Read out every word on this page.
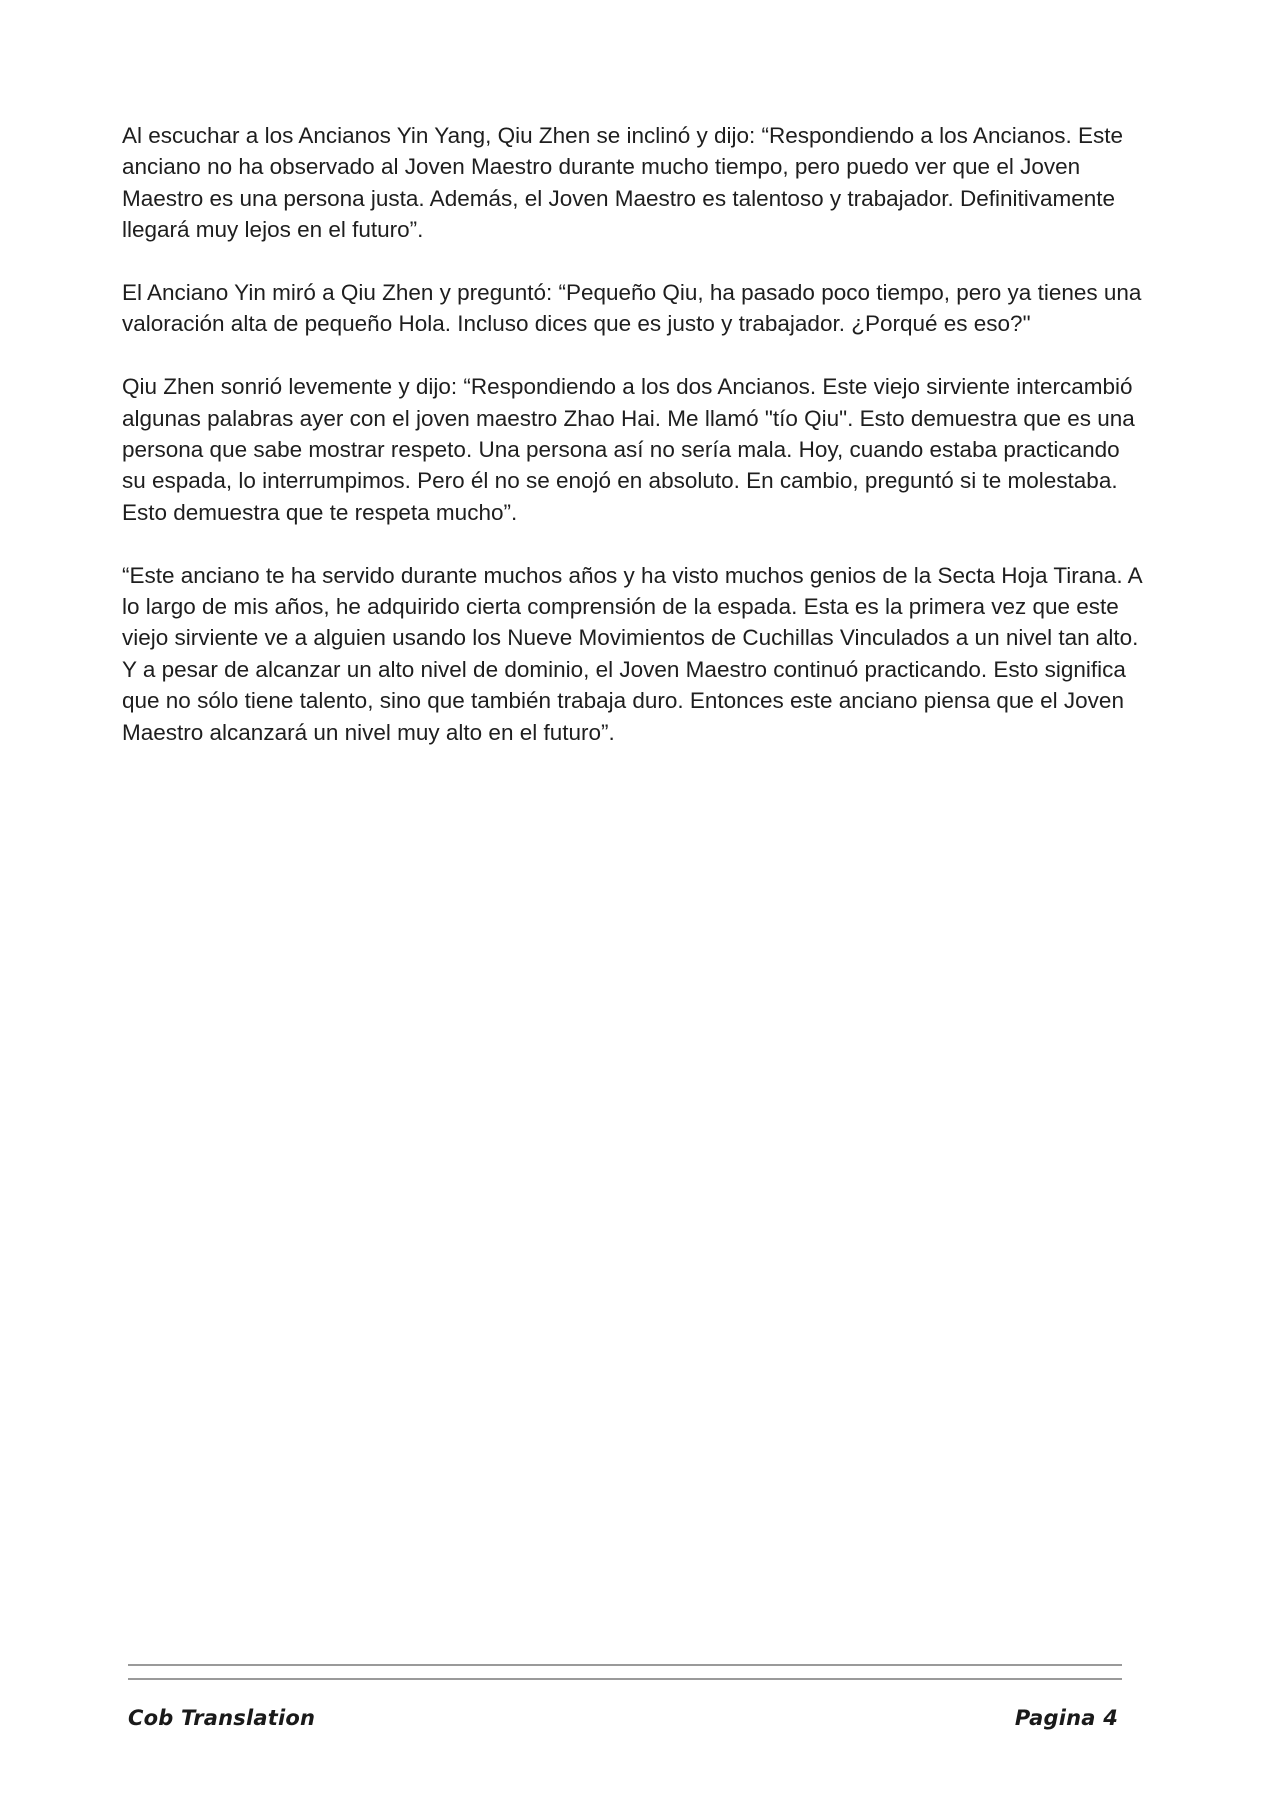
Al escuchar a los Ancianos Yin Yang, Qiu Zhen se inclinó y dijo: “Respondiendo a los Ancianos. Este anciano no ha observado al Joven Maestro durante mucho tiempo, pero puedo ver que el Joven Maestro es una persona justa. Además, el Joven Maestro es talentoso y trabajador. Definitivamente llegará muy lejos en el futuro”.

El Anciano Yin miró a Qiu Zhen y preguntó: “Pequeño Qiu, ha pasado poco tiempo, pero ya tienes una valoración alta de pequeño Hola. Incluso dices que es justo y trabajador. ¿Porqué es eso?"

Qiu Zhen sonrió levemente y dijo: “Respondiendo a los dos Ancianos. Este viejo sirviente intercambió algunas palabras ayer con el joven maestro Zhao Hai. Me llamó "tío Qiu". Esto demuestra que es una persona que sabe mostrar respeto. Una persona así no sería mala. Hoy, cuando estaba practicando su espada, lo interrumpimos. Pero él no se enojó en absoluto. En cambio, preguntó si te molestaba. Esto demuestra que te respeta mucho”.

“Este anciano te ha servido durante muchos años y ha visto muchos genios de la Secta Hoja Tirana. A lo largo de mis años, he adquirido cierta comprensión de la espada. Esta es la primera vez que este viejo sirviente ve a alguien usando los Nueve Movimientos de Cuchillas Vinculados a un nivel tan alto. Y a pesar de alcanzar un alto nivel de dominio, el Joven Maestro continuó practicando. Esto significa que no sólo tiene talento, sino que también trabaja duro. Entonces este anciano piensa que el Joven Maestro alcanzará un nivel muy alto en el futuro”.

Cob Translation	Pagina 4
